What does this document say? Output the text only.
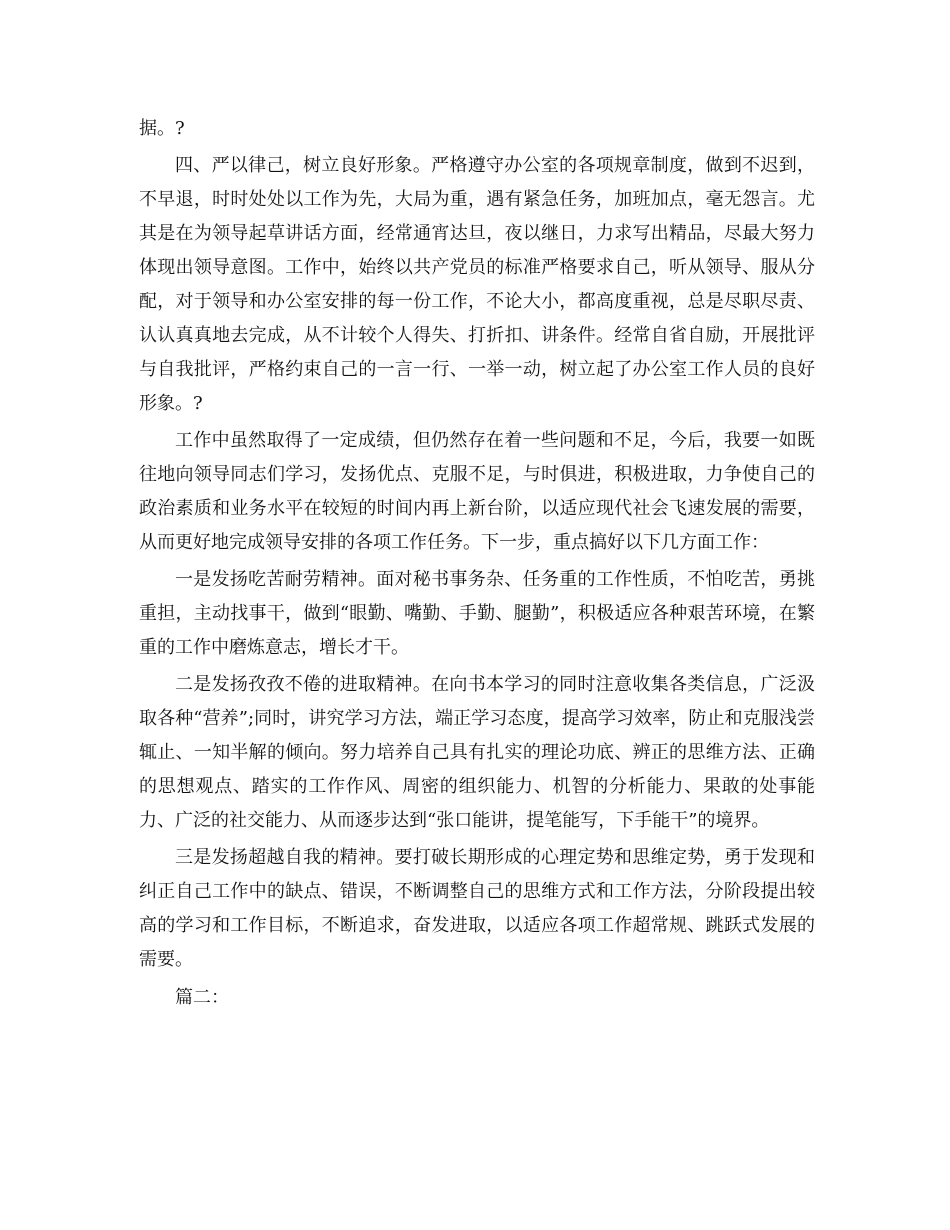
据。?

四、严以律己，树立良好形象。严格遵守办公室的各项规章制度，做到不迟到，不早退，时时处处以工作为先，大局为重，遇有紧急任务，加班加点，毫无怨言。尤其是在为领导起草讲话方面，经常通宵达旦，夜以继日，力求写出精品，尽最大努力体现出领导意图。工作中，始终以共产党员的标准严格要求自己，听从领导、服从分配，对于领导和办公室安排的每一份工作，不论大小，都高度重视，总是尽职尽责、认认真真地去完成，从不计较个人得失、打折扣、讲条件。经常自省自励，开展批评与自我批评，严格约束自己的一言一行、一举一动，树立起了办公室工作人员的良好形象。?

工作中虽然取得了一定成绩，但仍然存在着一些问题和不足，今后，我要一如既往地向领导同志们学习，发扬优点、克服不足，与时俱进，积极进取，力争使自己的政治素质和业务水平在较短的时间内再上新台阶，以适应现代社会飞速发展的需要，从而更好地完成领导安排的各项工作任务。下一步，重点搞好以下几方面工作：

一是发扬吃苦耐劳精神。面对秘书事务杂、任务重的工作性质，不怕吃苦，勇挑重担，主动找事干，做到“眼勤、嘴勤、手勤、腿勤”，积极适应各种艰苦环境，在繁重的工作中磨炼意志，增长才干。

二是发扬孜孜不倦的进取精神。在向书本学习的同时注意收集各类信息，广泛汲取各种“营养”;同时，讲究学习方法，端正学习态度，提高学习效率，防止和克服浅尝辄止、一知半解的倾向。努力培养自己具有扎实的理论功底、辨正的思维方法、正确的思想观点、踏实的工作作风、周密的组织能力、机智的分析能力、果敢的处事能力、广泛的社交能力、从而逐步达到“张口能讲，提笔能写，下手能干”的境界。

三是发扬超越自我的精神。要打破长期形成的心理定势和思维定势，勇于发现和纠正自己工作中的缺点、错误，不断调整自己的思维方式和工作方法，分阶段提出较高的学习和工作目标，不断追求，奋发进取，以适应各项工作超常规、跳跃式发展的需要。

篇二：
